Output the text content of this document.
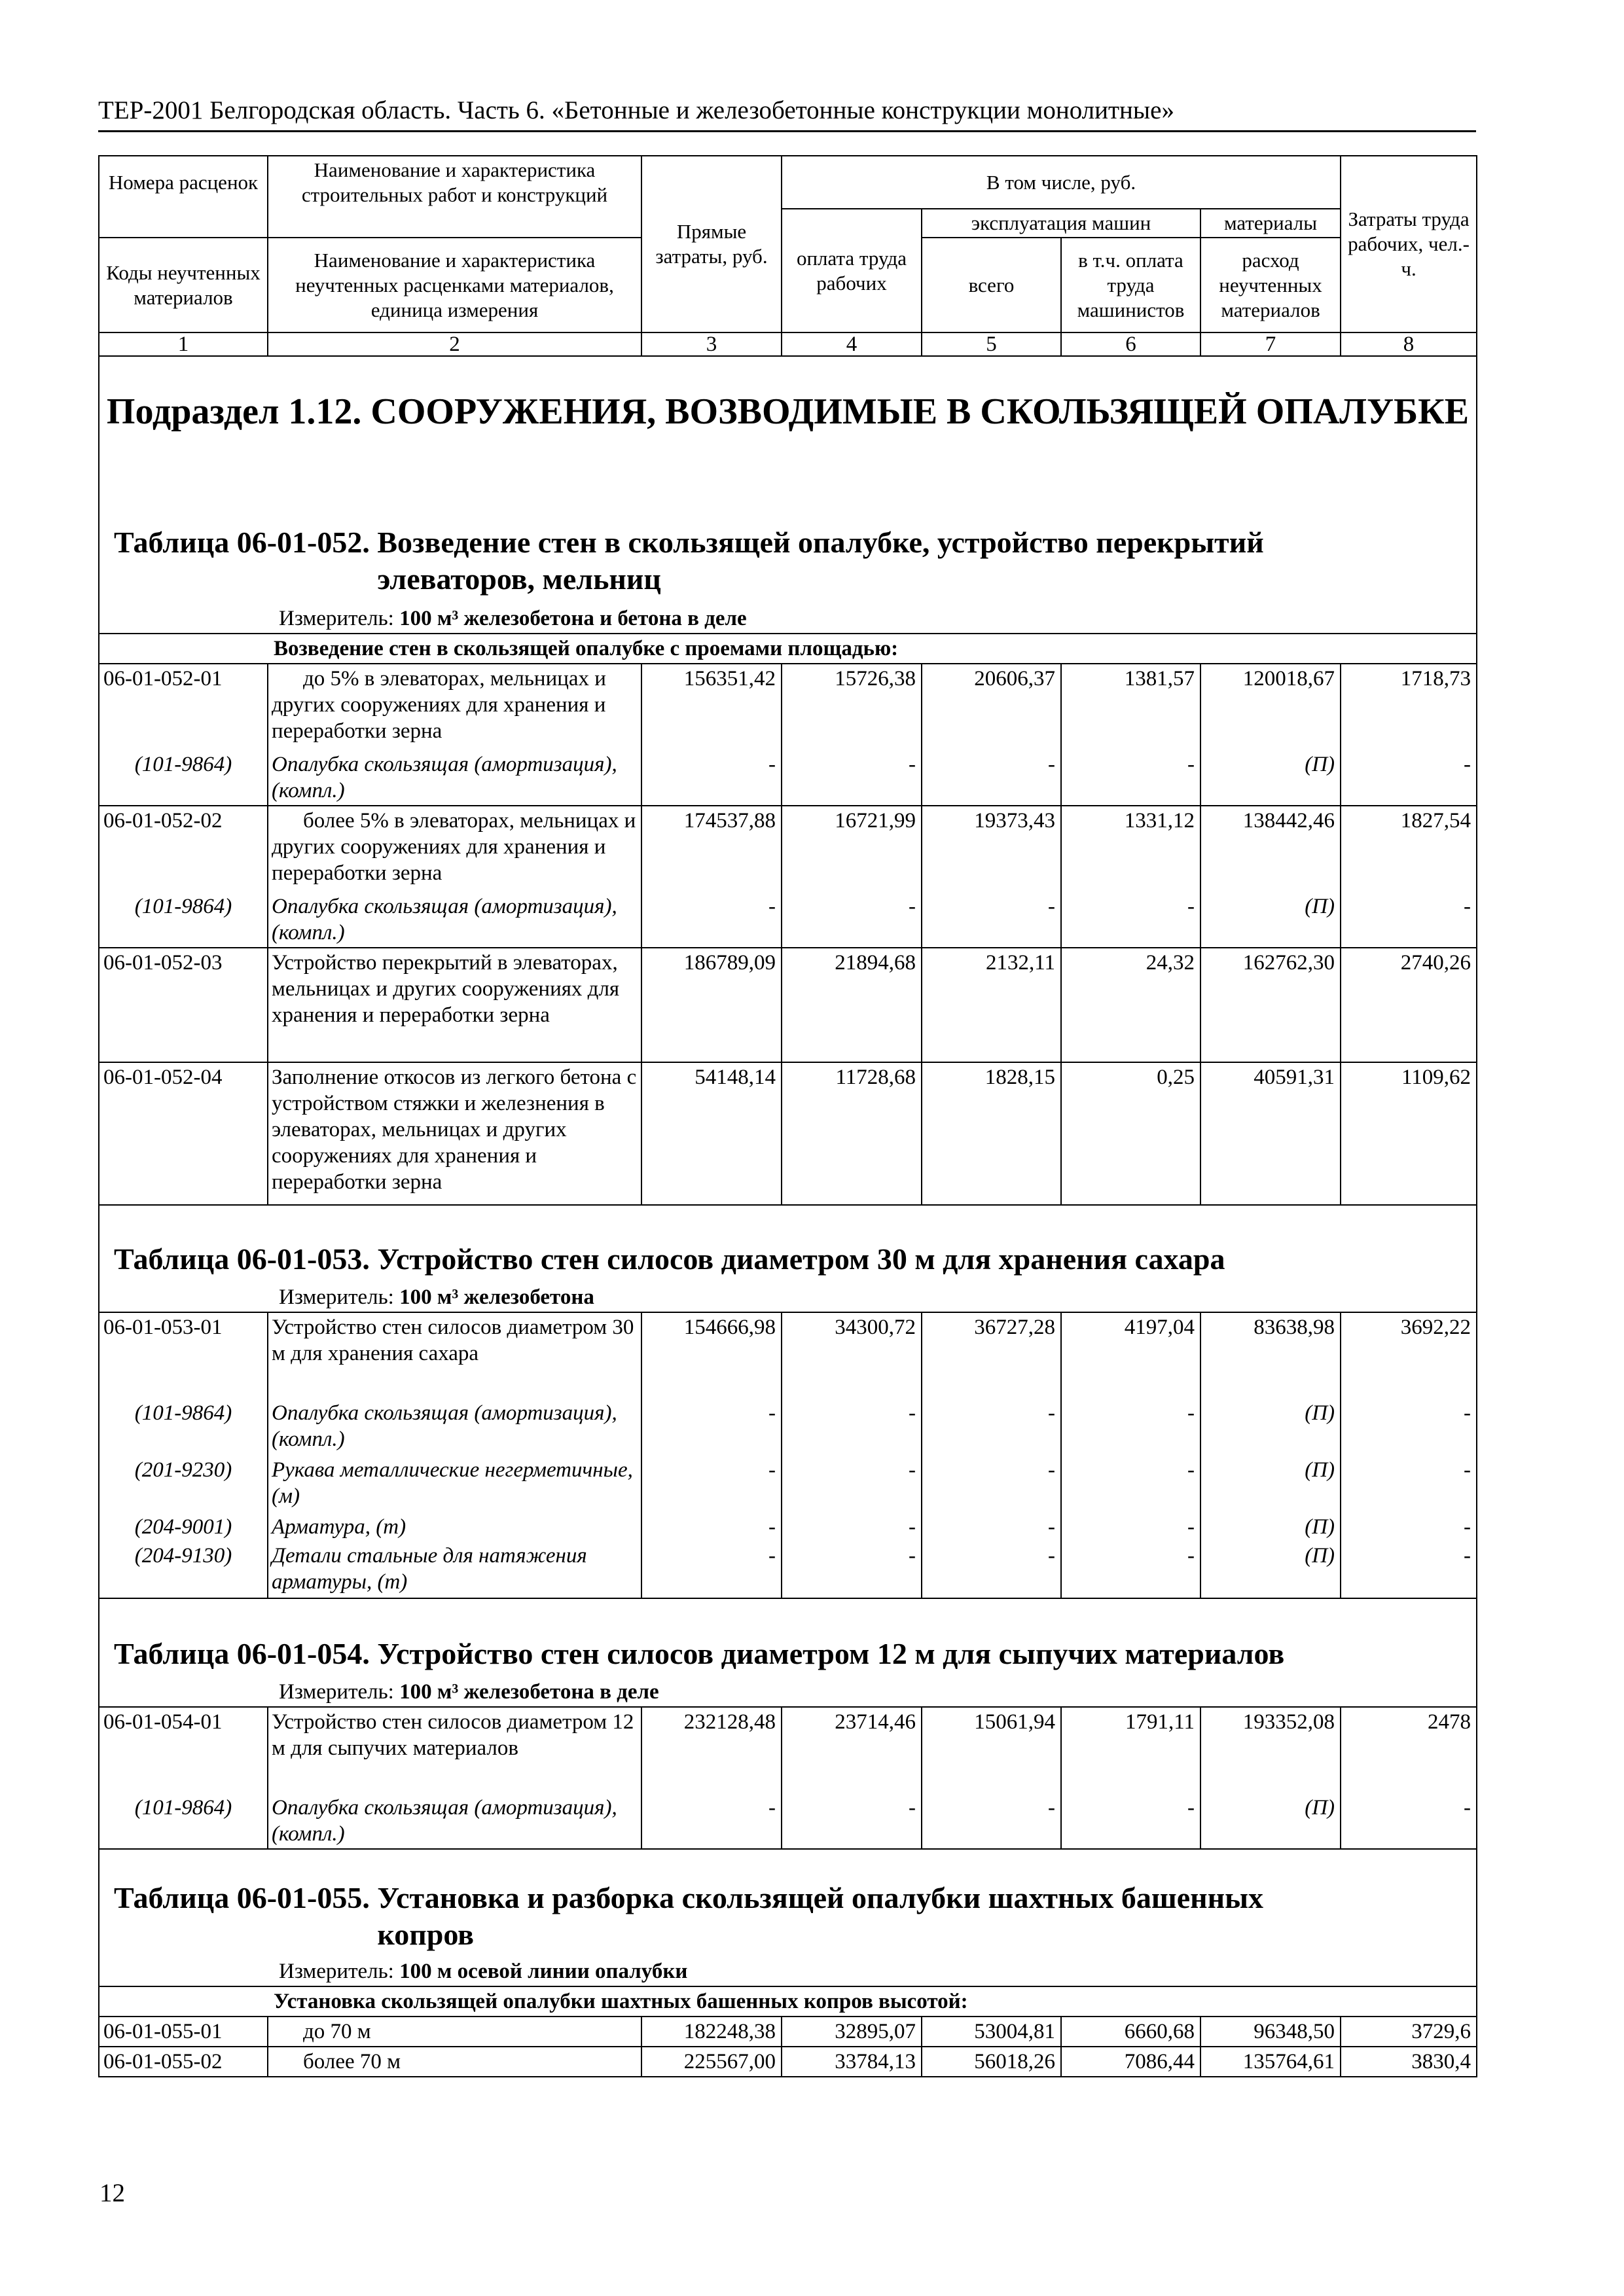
ТЕР-2001 Белгородская область. Часть 6. «Бетонные и железобетонные конструкции монолитные»
Номера расценок	Наименование и характеристика строительных работ и конструкций	Прямые затраты, руб.	В том числе, руб.				Затраты труда рабочих, чел.-ч.
			оплата труда рабочих	эксплуатация машин		материалы	
Коды неучтенных материалов	Наименование и характеристика неучтенных расценками материалов, единица измерения			всего	в т.ч. оплата труда машинистов	расход неучтенных материалов	
1	2	3	4	5	6	7	8
Подраздел 1.12. СООРУЖЕНИЯ, ВОЗВОДИМЫЕ В СКОЛЬЗЯЩЕЙ ОПАЛУБКЕ							
Таблица 06-01-052. Возведение стен в скользящей опалубке, устройство перекрытий элеваторов, мельниц							
Измеритель: 100 м³ железобетона и бетона в деле							
	Возведение стен в скользящей опалубке с проемами площадью:						
06-01-052-01	до 5% в элеваторах, мельницах и других сооружениях для хранения и переработки зерна	156351,42	15726,38	20606,37	1381,57	120018,67	1718,73
(101-9864)	Опалубка скользящая (амортизация), (компл.)	-	-	-	-	(П)	-
06-01-052-02	более 5% в элеваторах, мельницах и других сооружениях для хранения и переработки зерна	174537,88	16721,99	19373,43	1331,12	138442,46	1827,54
(101-9864)	Опалубка скользящая (амортизация), (компл.)	-	-	-	-	(П)	-
06-01-052-03	Устройство перекрытий в элеваторах, мельницах и других сооружениях для хранения и переработки зерна	186789,09	21894,68	2132,11	24,32	162762,30	2740,26
06-01-052-04	Заполнение откосов из легкого бетона с устройством стяжки и железнения в элеваторах, мельницах и других сооружениях для хранения и переработки зерна	54148,14	11728,68	1828,15	0,25	40591,31	1109,62
Таблица 06-01-053. Устройство стен силосов диаметром 30 м для хранения сахара							
Измеритель: 100 м³ железобетона							
06-01-053-01	Устройство стен силосов диаметром 30 м для хранения сахара	154666,98	34300,72	36727,28	4197,04	83638,98	3692,22
(101-9864)	Опалубка скользящая (амортизация), (компл.)	-	-	-	-	(П)	-
(201-9230)	Рукава металлические негерметичные, (м)	-	-	-	-	(П)	-
(204-9001)	Арматура, (т)	-	-	-	-	(П)	-
(204-9130)	Детали стальные для натяжения арматуры, (т)	-	-	-	-	(П)	-
Таблица 06-01-054. Устройство стен силосов диаметром 12 м для сыпучих материалов							
Измеритель: 100 м³ железобетона в деле							
06-01-054-01	Устройство стен силосов диаметром 12 м для сыпучих материалов	232128,48	23714,46	15061,94	1791,11	193352,08	2478
(101-9864)	Опалубка скользящая (амортизация), (компл.)	-	-	-	-	(П)	-
Таблица 06-01-055. Установка и разборка скользящей опалубки шахтных башенных копров							
Измеритель: 100 м осевой линии опалубки							
	Установка скользящей опалубки шахтных башенных копров высотой:						
06-01-055-01	до 70 м	182248,38	32895,07	53004,81	6660,68	96348,50	3729,6
06-01-055-02	более 70 м	225567,00	33784,13	56018,26	7086,44	135764,61	3830,4
12
